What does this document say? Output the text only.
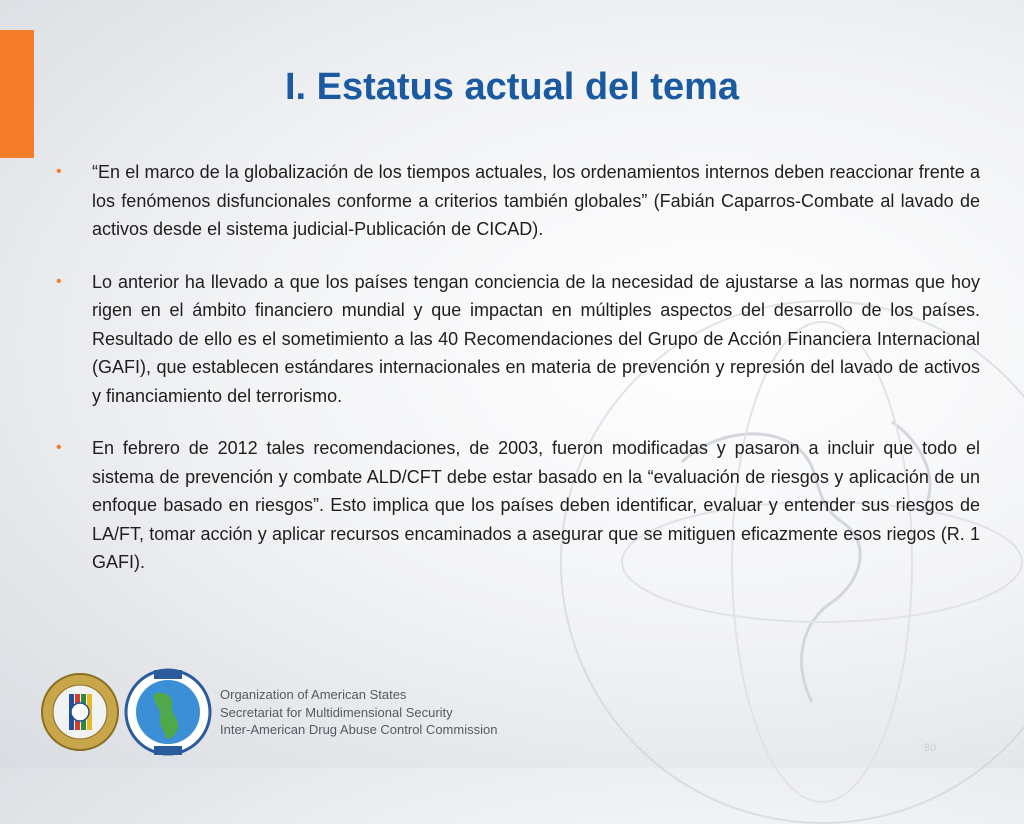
I. Estatus actual del tema
• “En el marco de la globalización de los tiempos actuales, los ordenamientos internos deben reaccionar frente a los fenómenos disfuncionales conforme a criterios también globales” (Fabián Caparros-Combate al lavado de activos desde el sistema judicial-Publicación de CICAD).
• Lo anterior ha llevado a que los países tengan conciencia de la necesidad de ajustarse a las normas que hoy rigen en el ámbito financiero mundial y que impactan en múltiples aspectos del desarrollo de los países. Resultado de ello es el sometimiento a las 40 Recomendaciones del Grupo de Acción Financiera Internacional (GAFI), que establecen estándares internacionales en materia de prevención y represión del lavado de activos y financiamiento del terrorismo.
• En febrero de 2012 tales recomendaciones, de 2003, fueron modificadas y pasaron a incluir que todo el sistema de prevención y combate ALD/CFT debe estar basado en la “evaluación de riesgos y aplicación de un enfoque basado en riesgos”. Esto implica que los países deben identificar, evaluar y entender sus riesgos de LA/FT, tomar acción y aplicar recursos encaminados a asegurar que se mitiguen eficazmente esos riegos (R. 1 GAFI).
Organization of American States
Secretariat for Multidimensional Security
Inter-American Drug Abuse Control Commission
80
